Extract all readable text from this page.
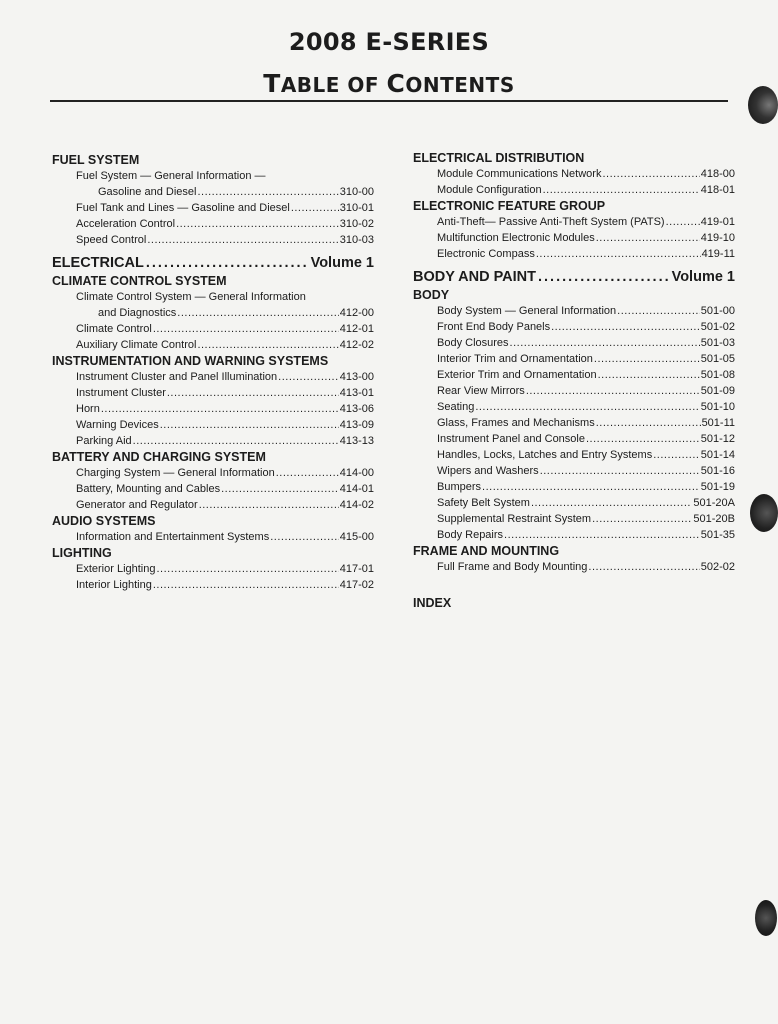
2008 E-SERIES
TABLE OF CONTENTS
FUEL SYSTEM
Fuel System — General Information —
Gasoline and Diesel .....	310-00
Fuel Tank and Lines — Gasoline and Diesel .....	310-01
Acceleration Control .....	310-02
Speed Control .....	310-03
ELECTRICAL .....	Volume 1
CLIMATE CONTROL SYSTEM
Climate Control System — General Information
and Diagnostics .....	412-00
Climate Control .....	412-01
Auxiliary Climate Control .....	412-02
INSTRUMENTATION AND WARNING SYSTEMS
Instrument Cluster and Panel Illumination .....	413-00
Instrument Cluster .....	413-01
Horn .....	413-06
Warning Devices .....	413-09
Parking Aid .....	413-13
BATTERY AND CHARGING SYSTEM
Charging System — General Information .....	414-00
Battery, Mounting and Cables .....	414-01
Generator and Regulator .....	414-02
AUDIO SYSTEMS
Information and Entertainment Systems .....	415-00
LIGHTING
Exterior Lighting .....	417-01
Interior Lighting .....	417-02
ELECTRICAL DISTRIBUTION
Module Communications Network .....	418-00
Module Configuration .....	418-01
ELECTRONIC FEATURE GROUP
Anti-Theft— Passive Anti-Theft System (PATS) .....	419-01
Multifunction Electronic Modules .....	419-10
Electronic Compass .....	419-11
BODY AND PAINT .....	Volume 1
BODY
Body System — General Information .....	501-00
Front End Body Panels .....	501-02
Body Closures .....	501-03
Interior Trim and Ornamentation .....	501-05
Exterior Trim and Ornamentation .....	501-08
Rear View Mirrors .....	501-09
Seating .....	501-10
Glass, Frames and Mechanisms .....	501-11
Instrument Panel and Console .....	501-12
Handles, Locks, Latches and Entry Systems .....	501-14
Wipers and Washers .....	501-16
Bumpers .....	501-19
Safety Belt System .....	501-20A
Supplemental Restraint System .....	501-20B
Body Repairs .....	501-35
FRAME AND MOUNTING
Full Frame and Body Mounting .....	502-02
INDEX
